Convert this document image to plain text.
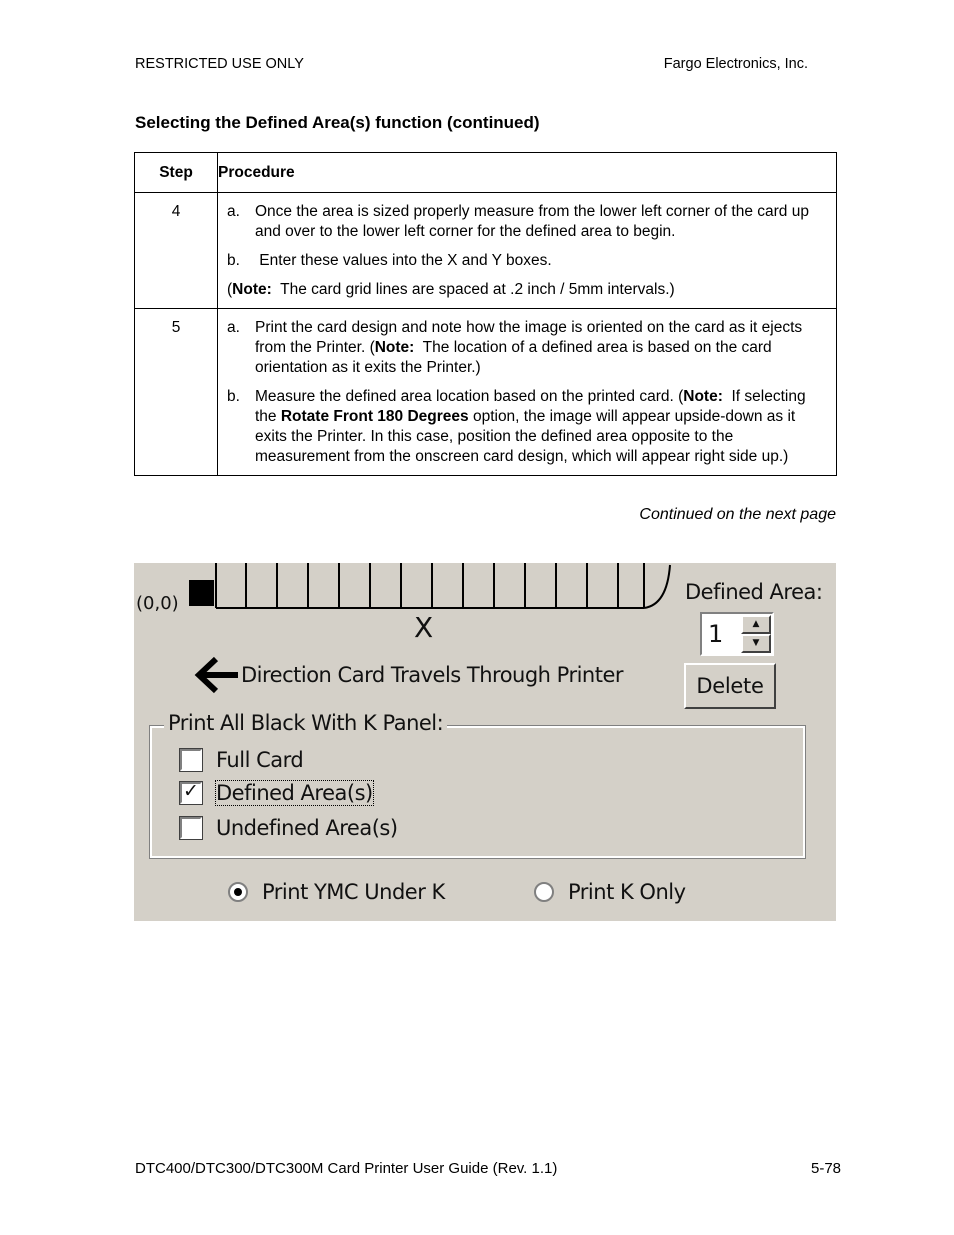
RESTRICTED USE ONLY	Fargo Electronics, Inc.
Selecting the Defined Area(s) function (continued)
Step	Procedure
4	a. Once the area is sized properly measure from the lower left corner of the card up and over to the lower left corner for the defined area to begin.
b. Enter these values into the X and Y boxes.
(Note:  The card grid lines are spaced at .2 inch / 5mm intervals.)

5	a. Print the card design and note how the image is oriented on the card as it ejects from the Printer. (Note:  The location of a defined area is based on the card orientation as it exits the Printer.)
b. Measure the defined area location based on the printed card. (Note:  If selecting the Rotate Front 180 Degrees option, the image will appear upside-down as it exits the Printer. In this case, position the defined area opposite to the measurement from the onscreen card design, which will appear right side up.)
Continued on the next page
(0,0)
X
Direction Card Travels Through Printer
Defined Area:
1	▲
▼
Delete
Print All Black With K Panel:
Full Card
✓ Defined Area(s)
Undefined Area(s)
Print YMC Under K	Print K Only
DTC400/DTC300/DTC300M Card Printer User Guide (Rev. 1.1)	5-78
